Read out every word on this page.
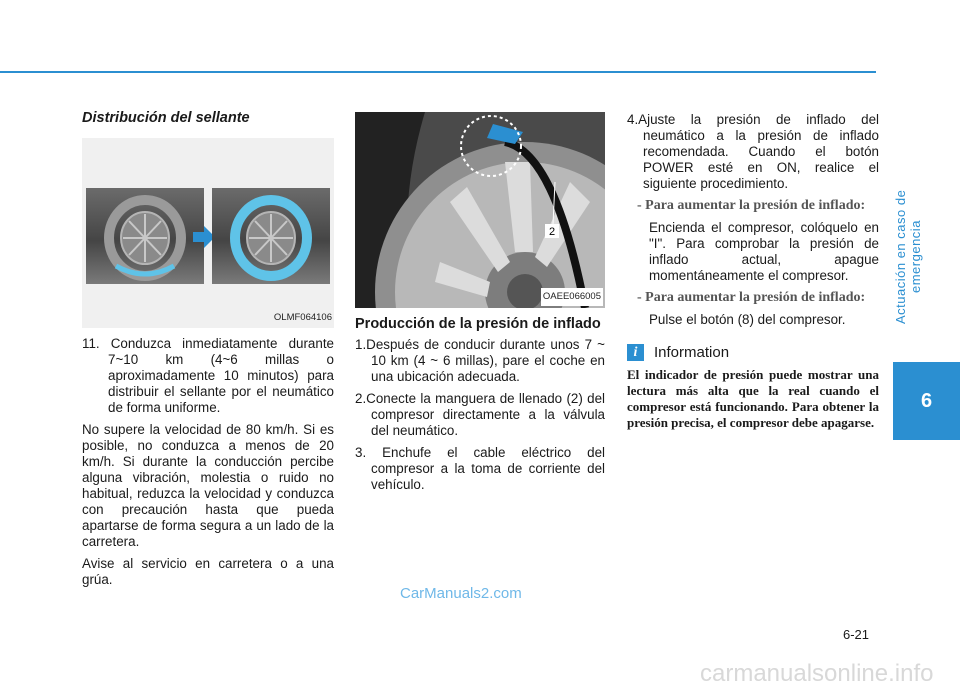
Actuación en caso de emergencia
6
Distribución del sellante
OLMF064106

11. Conduzca inmediatamente durante 7~10 km (4~6 millas o aproximadamente 10 minutos) para distribuir el sellante por el neumático de forma uniforme.

No supere la velocidad de 80 km/h. Si es posible, no conduzca a menos de 20 km/h. Si durante la conducción percibe alguna vibración, molestia o ruido no habitual, reduzca la velocidad y conduzca con precaución hasta que pueda apartarse de forma segura a un lado de la carretera.

Avise al servicio en carretera o a una grúa.

2
OAEE066005
Producción de la presión de inflado

1.Después de conducir durante unos 7 ~ 10 km (4 ~ 6 millas), pare el coche en una ubicación adecuada.

2.Conecte la manguera de llenado (2) del compresor directamente a la válvula del neumático.

3. Enchufe el cable eléctrico del compresor a la toma de corriente del vehículo.

4.Ajuste la presión de inflado del neumático a la presión de inflado recomendada. Cuando el botón POWER esté en ON, realice el siguiente procedimiento.

- Para aumentar la presión de inflado:

Encienda el compresor, colóquelo en "I". Para comprobar la presión de inflado actual, apague momentáneamente el compresor.

- Para aumentar la presión de inflado:

Pulse el botón (8) del compresor.

i	Information
El indicador de presión puede mostrar una lectura más alta que la real cuando el compresor está funcionando. Para obtener la presión precisa, el compresor debe apagarse.
CarManuals2.com
6-21
carmanualsonline.info
